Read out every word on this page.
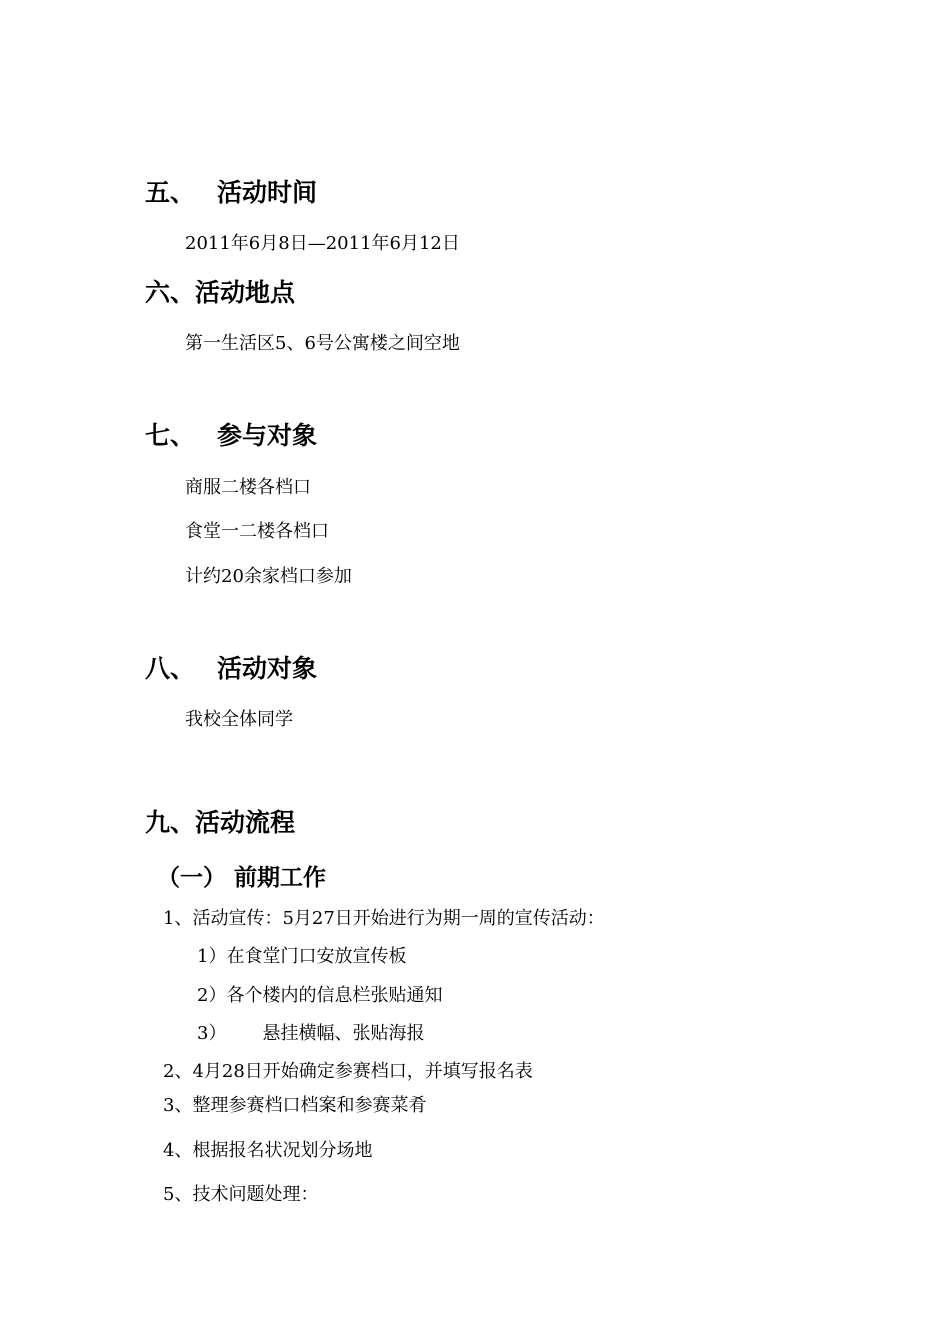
五、 活动时间

2011年6月8日—2011年6月12日

六、活动地点

第一生活区5、6号公寓楼之间空地

七、 参与对象

商服二楼各档口

食堂一二楼各档口

计约20余家档口参加

八、 活动对象

我校全体同学

九、活动流程
（一） 前期工作

1、活动宣传：5月27日开始进行为期一周的宣传活动：

1）在食堂门口安放宣传板

2）各个楼内的信息栏张贴通知

3） 悬挂横幅、张贴海报

2、4月28日开始确定参赛档口，并填写报名表

3、整理参赛档口档案和参赛菜肴

4、根据报名状况划分场地

5、技术问题处理：
